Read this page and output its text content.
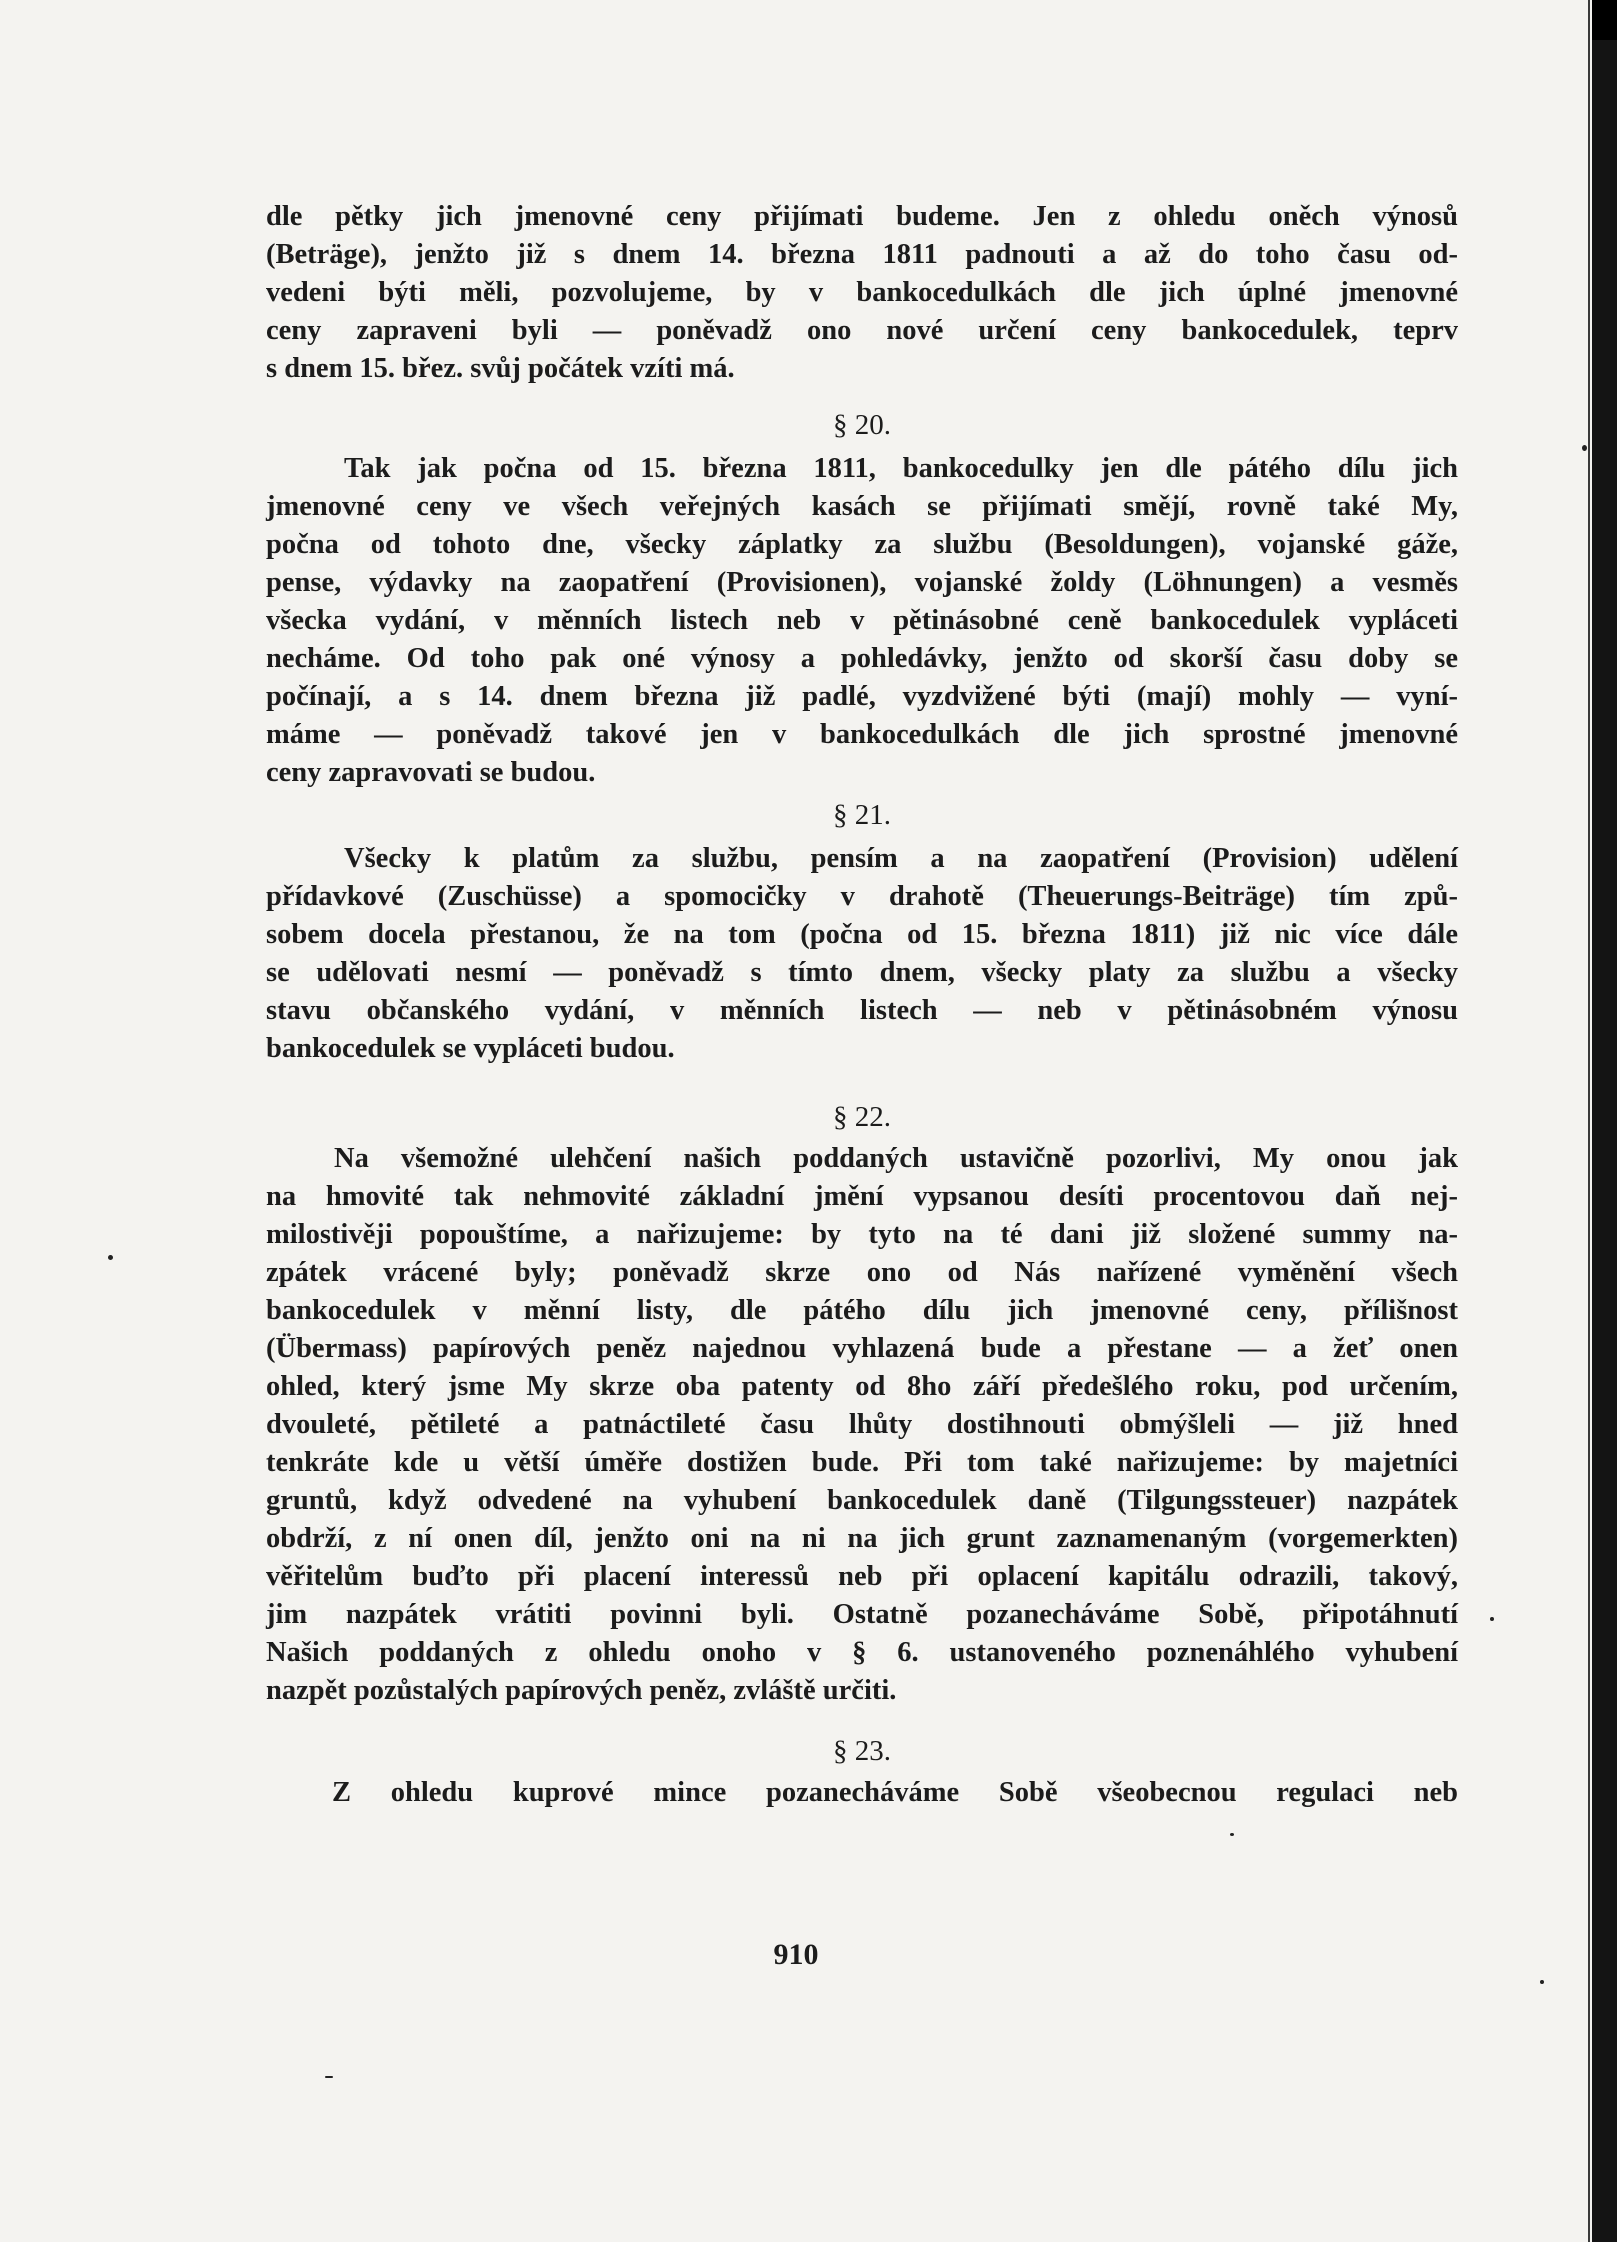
dle pětky jich jmenovné ceny přijímati budeme. Jen z ohledu oněch výnosů
(Beträge), jenžto již s dnem 14. března 1811 padnouti a až do toho času od-
vedeni býti měli, pozvolujeme, by v bankocedulkách dle jich úplné jmenovné
ceny zapraveni byli — poněvadž ono nové určení ceny bankocedulek, teprv
s dnem 15. břez. svůj počátek vzíti má.
§ 20.
Tak jak počna od 15. března 1811, bankocedulky jen dle pátého dílu jich
jmenovné ceny ve všech veřejných kasách se přijímati smějí, rovně také My,
počna od tohoto dne, všecky záplatky za službu (Besoldungen), vojanské gáže,
pense, výdavky na zaopatření (Provisionen), vojanské žoldy (Löhnungen) a vesměs
všecka vydání, v měnních listech neb v pětinásobné ceně bankocedulek vypláceti
necháme. Od toho pak oné výnosy a pohledávky, jenžto od skorší času doby se
počínají, a s 14. dnem března již padlé, vyzdvižené býti (mají) mohly — vyní-
máme — poněvadž takové jen v bankocedulkách dle jich sprostné jmenovné
ceny zapravovati se budou.
§ 21.
Všecky k platům za službu, pensím a na zaopatření (Provision) udělení
přídavkové (Zuschüsse) a spomocičky v drahotě (Theuerungs-Beiträge) tím způ-
sobem docela přestanou, že na tom (počna od 15. března 1811) již nic více dále
se udělovati nesmí — poněvadž s tímto dnem, všecky platy za službu a všecky
stavu občanského vydání, v měnních listech — neb v pětinásobném výnosu
bankocedulek se vypláceti budou.
§ 22.
Na všemožné ulehčení našich poddaných ustavičně pozorlivi, My onou jak
na hmovité tak nehmovité základní jmění vypsanou desíti procentovou daň nej-
milostivěji popouštíme, a nařizujeme: by tyto na té dani již složené summy na-
zpátek vrácené byly; poněvadž skrze ono od Nás nařízené vyměnění všech
bankocedulek v měnní listy, dle pátého dílu jich jmenovné ceny, přílišnost
(Übermass) papírových peněz najednou vyhlazená bude a přestane — a žeť onen
ohled, který jsme My skrze oba patenty od 8ho září předešlého roku, pod určením,
dvouleté, pětileté a patnáctileté času lhůty dostihnouti obmýšleli — již hned
tenkráte kde u větší úměře dostižen bude. Při tom také nařizujeme: by majetníci
gruntů, když odvedené na vyhubení bankocedulek daně (Tilgungssteuer) nazpátek
obdrží, z ní onen díl, jenžto oni na ni na jich grunt zaznamenaným (vorgemerkten)
věřitelům buďto při placení interessů neb při oplacení kapitálu odrazili, takový,
jim nazpátek vrátiti povinni byli. Ostatně pozanecháváme Sobě, připotáhnutí
Našich poddaných z ohledu onoho v § 6. ustanoveného poznenáhlého vyhubení
nazpět pozůstalých papírových peněz, zvláště určiti.
§ 23.
Z ohledu kuprové mince pozanecháváme Sobě všeobecnou regulaci neb
910
